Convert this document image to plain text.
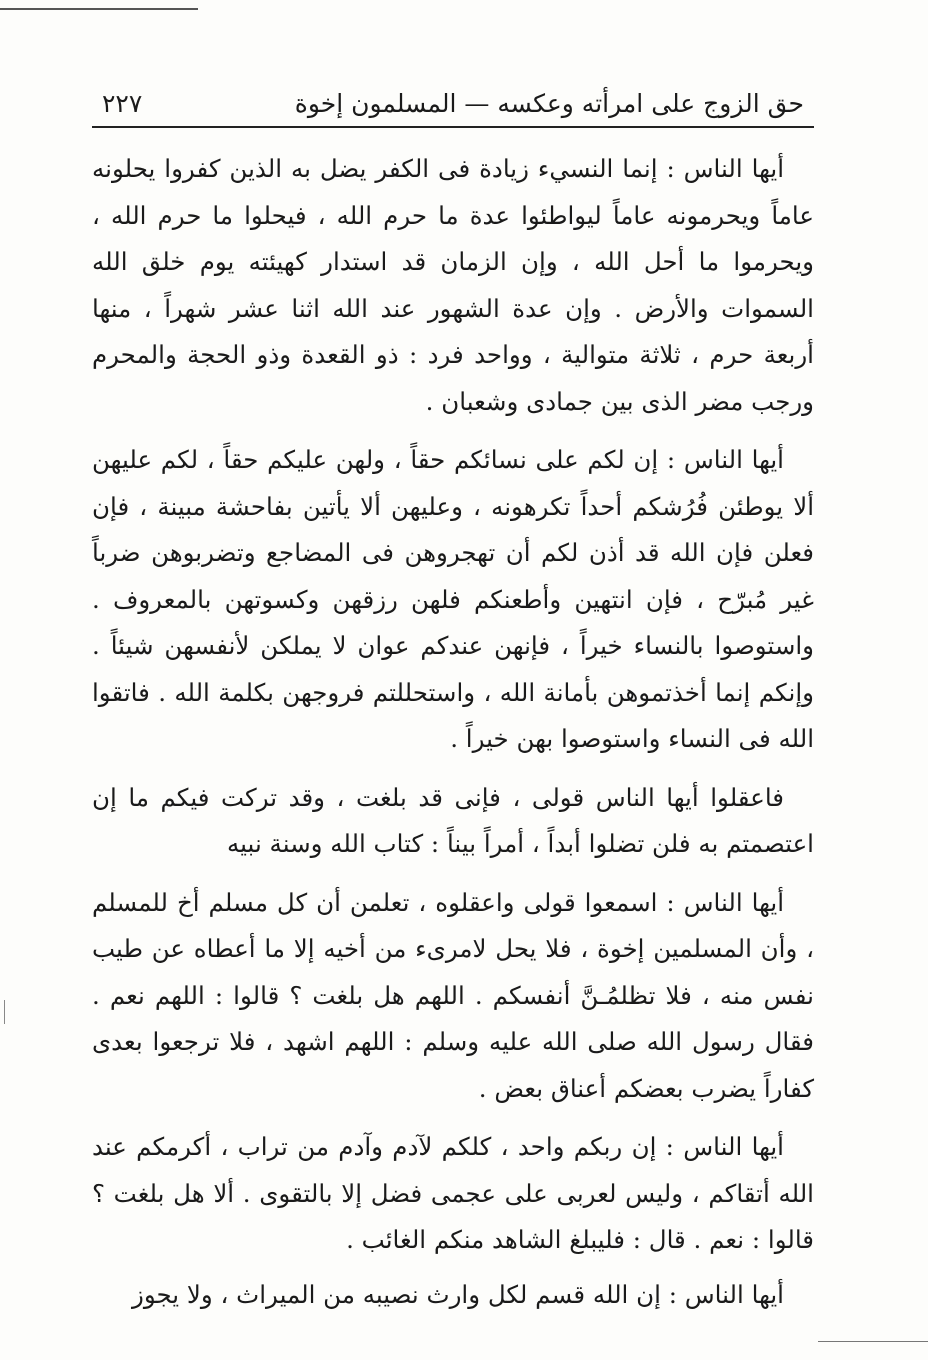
حق الزوج على امرأته وعكسه — المسلمون إخوة
٢٢٧

أيها الناس : إنما النسيء زيادة فى الكفر يضل به الذين كفروا يحلونه عاماً ويحرمونه عاماً ليواطئوا عدة ما حرم الله ، فيحلوا ما حرم الله ، ويحرموا ما أحل الله ، وإن الزمان قد استدار كهيئته يوم خلق الله السموات والأرض . وإن عدة الشهور عند الله اثنا عشر شهراً ، منها أربعة حرم ، ثلاثة متوالية ، وواحد فرد : ذو القعدة وذو الحجة والمحرم ورجب مضر الذى بين جمادى وشعبان .

أيها الناس : إن لكم على نسائكم حقاً ، ولهن عليكم حقاً ، لكم عليهن ألا يوطئن فُرُشكم أحداً تكرهونه ، وعليهن ألا يأتين بفاحشة مبينة ، فإن فعلن فإن الله قد أذن لكم أن تهجروهن فى المضاجع وتضربوهن ضرباً غير مُبرّح ، فإن انتهين وأطعنكم فلهن رزقهن وكسوتهن بالمعروف . واستوصوا بالنساء خيراً ، فإنهن عندكم عوان لا يملكن لأنفسهن شيئاً . وإنكم إنما أخذتموهن بأمانة الله ، واستحللتم فروجهن بكلمة الله . فاتقوا الله فى النساء واستوصوا بهن خيراً .

فاعقلوا أيها الناس قولى ، فإنى قد بلغت ، وقد تركت فيكم ما إن اعتصمتم به فلن تضلوا أبداً ، أمراً بيناً : كتاب الله وسنة نبيه

أيها الناس : اسمعوا قولى واعقلوه ، تعلمن أن كل مسلم أخ للمسلم ، وأن المسلمين إخوة ، فلا يحل لامرىء من أخيه إلا ما أعطاه عن طيب نفس منه ، فلا تظلمُـنَّ أنفسكم . اللهم هل بلغت ؟ قالوا : اللهم نعم . فقال رسول الله صلى الله عليه وسلم : اللهم اشهد ، فلا ترجعوا بعدى كفاراً يضرب بعضكم أعناق بعض .

أيها الناس : إن ربكم واحد ، كلكم لآدم وآدم من تراب ، أكرمكم عند الله أتقاكم ، وليس لعربى على عجمى فضل إلا بالتقوى . ألا هل بلغت ؟ قالوا : نعم . قال : فليبلغ الشاهد منكم الغائب .

أيها الناس : إن الله قسم لكل وارث نصيبه من الميراث ، ولا يجوز
